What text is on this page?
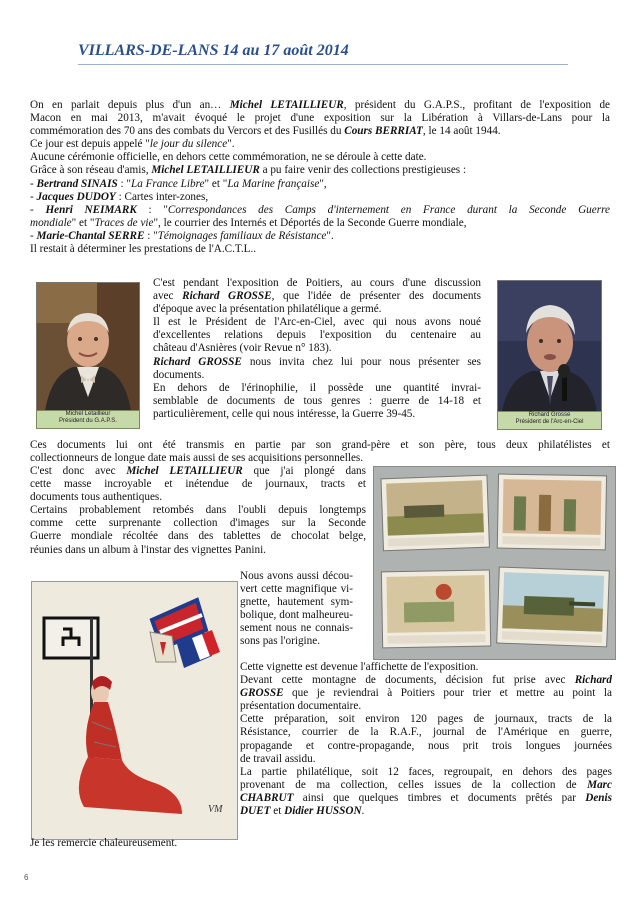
VILLARS-DE-LANS 14 au 17 août 2014

On en parlait depuis plus d'un an… Michel LETAILLIEUR, président du G.A.P.S., profitant de l'exposition de

Macon en mai 2013, m'avait évoqué le projet d'une exposition sur la Libération à Villars-de-Lans pour la

commémoration des 70 ans des combats du Vercors et des Fusillés du Cours BERRIAT, le 14 août 1944.

Ce jour est depuis appelé "le jour du silence".

Aucune cérémonie officielle, en dehors cette commémoration, ne se déroule à cette date.

Grâce à son réseau d'amis, Michel LETAILLIEUR a pu faire venir des collections prestigieuses :

- Bertrand SINAIS : "La France Libre" et "La Marine française",

- Jacques DUDOY : Cartes inter-zones,

- Henri NEIMARK : "Correspondances des Camps d'internement en France durant la Seconde Guerre

mondiale" et "Traces de vie", le courrier des Internés et Déportés de la Seconde Guerre mondiale,

- Marie-Chantal SERRE : "Témoignages familiaux de Résistance".

Il restait à déterminer les prestations de l'A.C.T.L..

Michel Letaillieur
Président du G.A.P.S.

C'est pendant l'exposition de Poitiers, au cours d'une discussion

avec Richard GROSSE, que l'idée de présenter des documents

d'époque avec la présentation philatélique a germé.

Il est le Président de l'Arc-en-Ciel, avec qui nous avons noué

d'excellentes relations depuis l'exposition du centenaire au

château d'Asnières (voir Revue n° 183).

Richard GROSSE nous invita chez lui pour nous présenter ses

documents.

En dehors de l'érinophilie, il possède une quantité invrai-

semblable de documents de tous genres : guerre de 14-18 et

particulièrement, celle qui nous intéresse, la Guerre 39-45.	Richard Grosse
Président de l'Arc-en-Ciel

Ces documents lui ont été transmis en partie par son grand-père et son père, tous deux philatélistes et

collectionneurs de longue date mais aussi de ses acquisitions personnelles.

C'est donc avec Michel LETAILLIEUR que j'ai plongé dans

cette masse incroyable et inétendue de journaux, tracts et

documents tous authentiques.

Certains probablement retombés dans l'oubli depuis longtemps

comme cette surprenante collection d'images sur la Seconde

Guerre mondiale récoltée dans des tablettes de chocolat belge,

réunies dans un album à l'instar des vignettes Panini.

VM

Nous avons aussi décou-

vert cette magnifique vi-

gnette, hautement sym-

bolique, dont malheureu-

sement nous ne connais-

sons pas l'origine.

Cette vignette est devenue l'affichette de l'exposition.

Devant cette montagne de documents, décision fut prise avec Richard

GROSSE que je reviendrai à Poitiers pour trier et mettre au point la

présentation documentaire.

Cette préparation, soit environ 120 pages de journaux, tracts de la

Résistance, courrier de la R.A.F., journal de l'Amérique en guerre,

propagande et contre-propagande, nous prit trois longues journées

de travail assidu.

La partie philatélique, soit 12 faces, regroupait, en dehors des pages

provenant de ma collection, celles issues de la collection de Marc

CHABRUT ainsi que quelques timbres et documents prêtés par Denis

DUET et Didier HUSSON.

Je les remercie chaleureusement.
6
